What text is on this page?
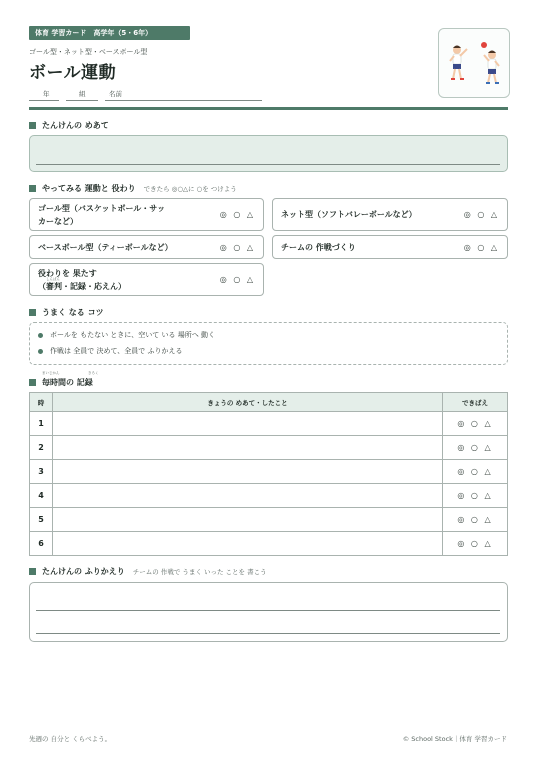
体育 学習カード　高学年（5・6年）
ゴール型・ネット型・ベースボール型
ボール運動
年	組	名前
たんけんの めあて
やってみる 運動と 役わり できたら ◎○△に ○を つけよう
ゴール型（バスケットボール・サッ
カーなど）
◎ ○ △	ネット型（ソフトバレーボールなど）	◎ ○ △
ベースボール型（ティーボールなど）	◎ ○ △	チームの 作戦づくり	◎ ○ △
役わりを 果たす
（審判・記録・応えん）
◎ ○ △
しんぱん
うまく なる コツ
ボールを もたない ときに、空いて いる 場所へ 動く
作戦は 全員で 決めて、全員で ふりかえる
まいじかん	きろく
毎時間の 記録
時	きょうの めあて・したこと	できばえ
1		◎ ○ △
2		◎ ○ △
3		◎ ○ △
4		◎ ○ △
5		◎ ○ △
6		◎ ○ △
たんけんの ふりかえり チームの 作戦で うまく いった ことを 書こう
先週の 自分と くらべよう。	© School Stock｜体育 学習カード
